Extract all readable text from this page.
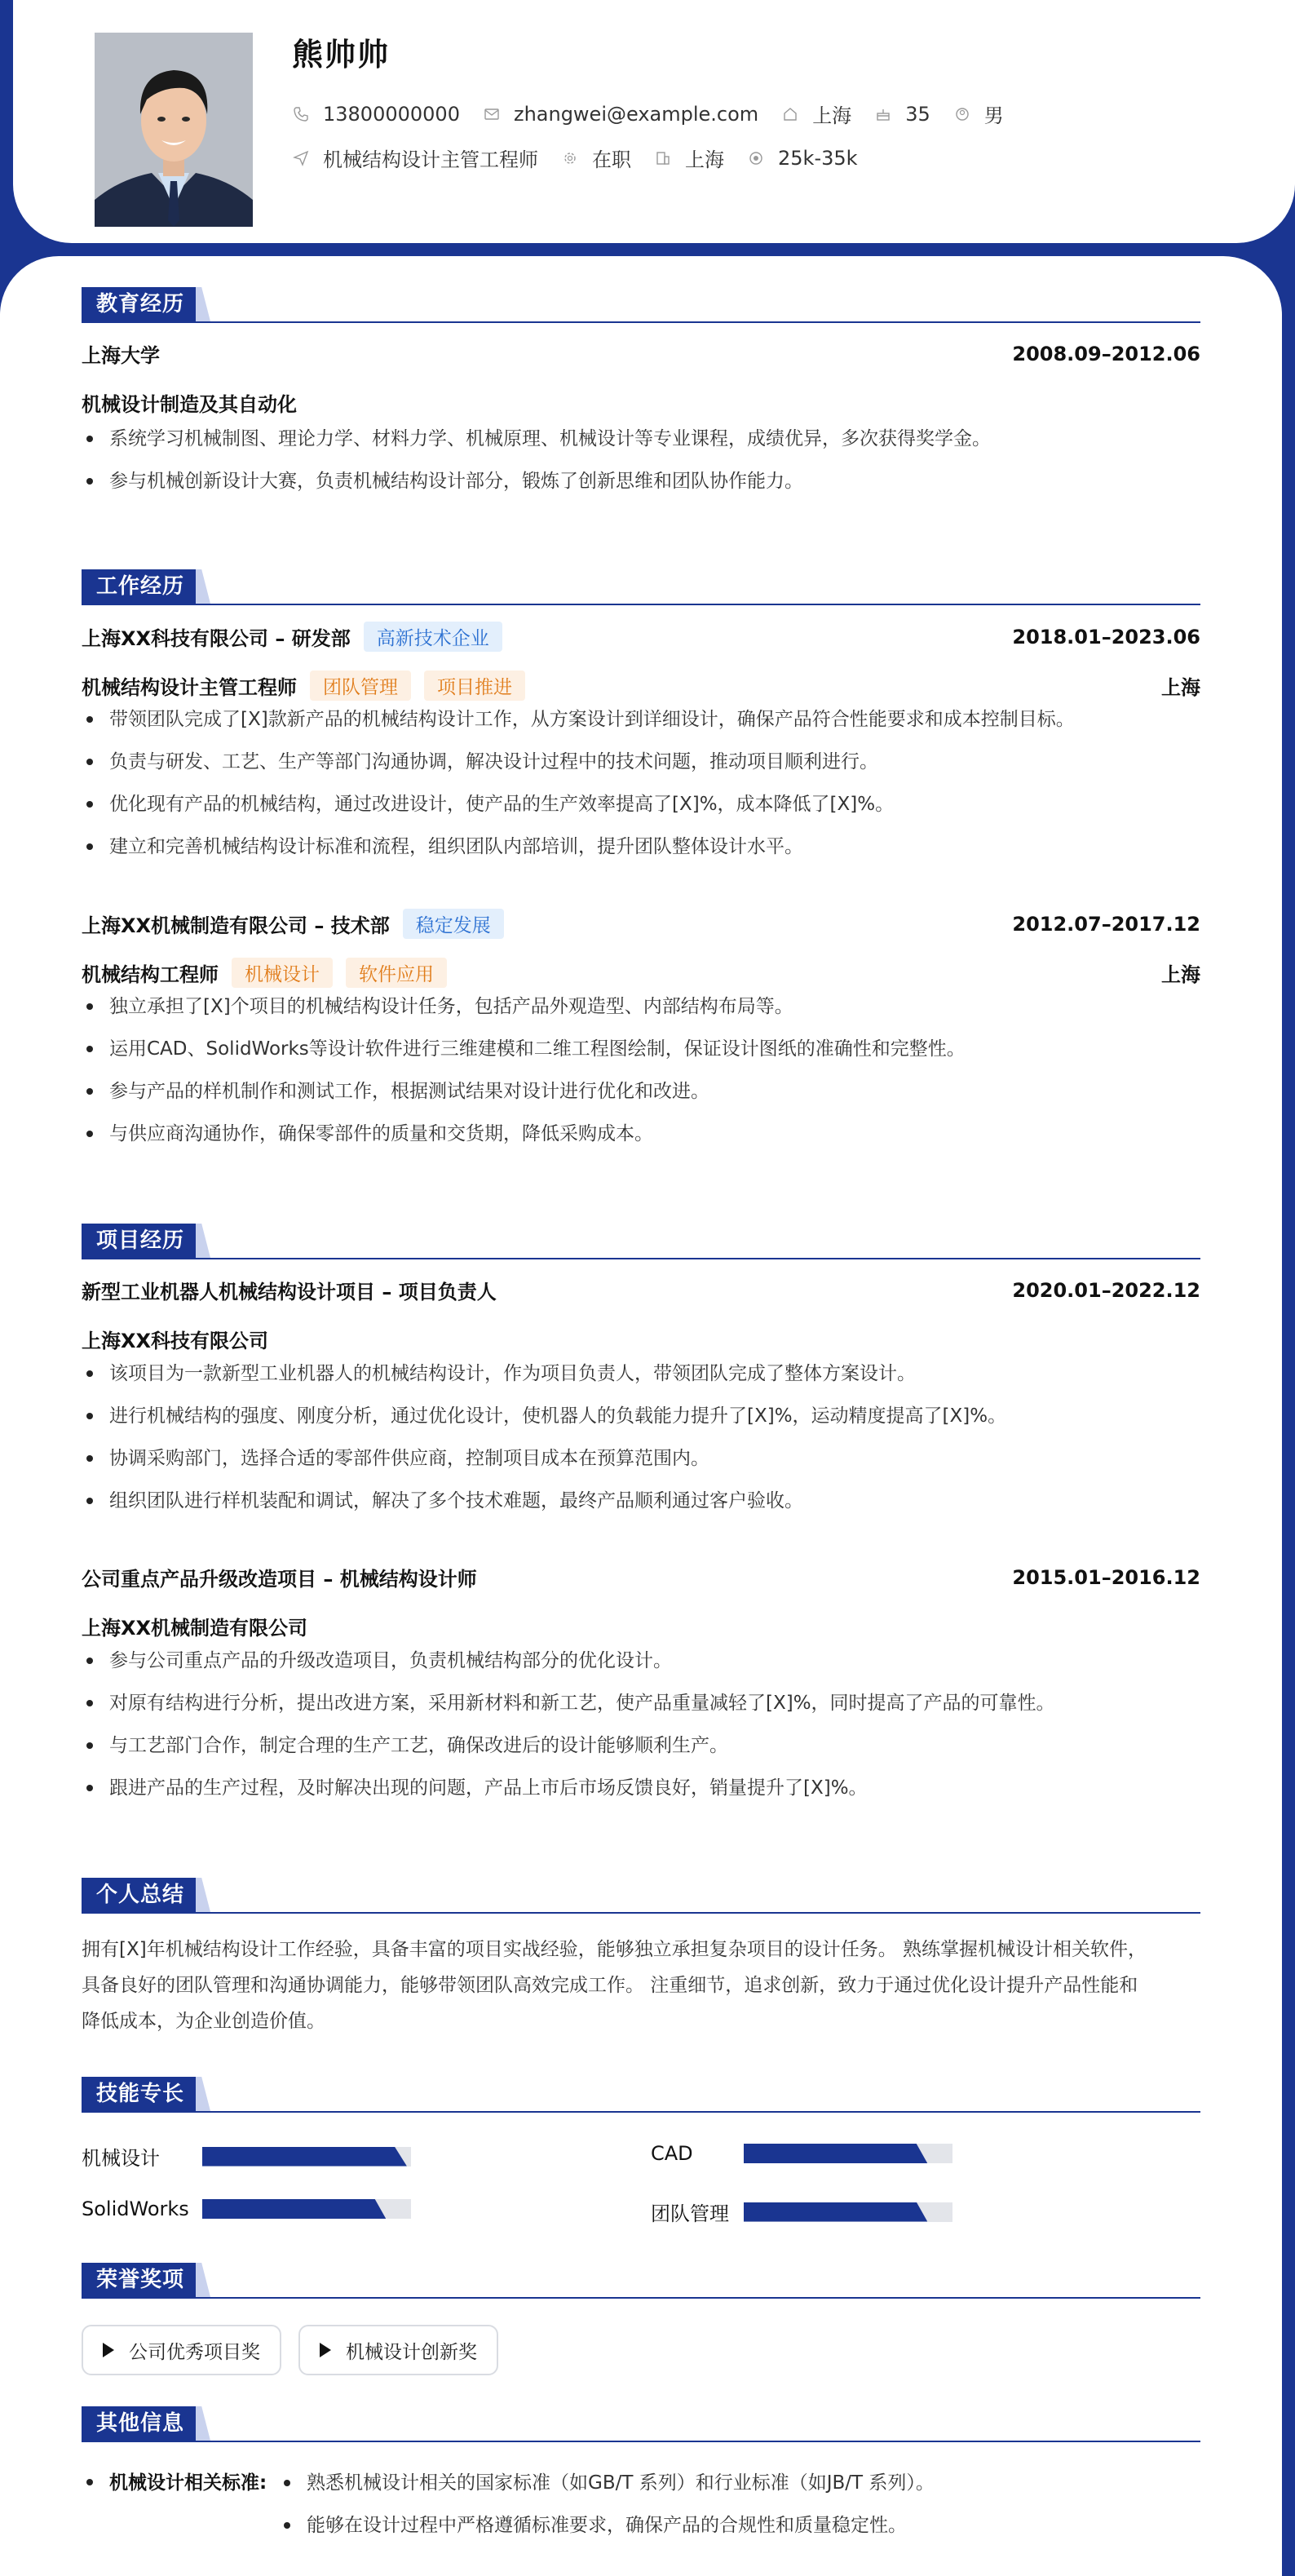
熊帅帅
13800000000	zhangwei@example.com	上海	35	男
机械结构设计主管工程师	在职	上海	25k-35k
教育经历
上海大学	2008.09–2012.06
机械设计制造及其自动化
系统学习机械制图、理论力学、材料力学、机械原理、机械设计等专业课程，成绩优异，多次获得奖学金。
参与机械创新设计大赛，负责机械结构设计部分，锻炼了创新思维和团队协作能力。
工作经历
上海XX科技有限公司 – 研发部	高新技术企业	2018.01–2023.06
机械结构设计主管工程师	团队管理	项目推进	上海
带领团队完成了[X]款新产品的机械结构设计工作，从方案设计到详细设计，确保产品符合性能要求和成本控制目标。
负责与研发、工艺、生产等部门沟通协调，解决设计过程中的技术问题，推动项目顺利进行。
优化现有产品的机械结构，通过改进设计，使产品的生产效率提高了[X]%，成本降低了[X]%。
建立和完善机械结构设计标准和流程，组织团队内部培训，提升团队整体设计水平。
上海XX机械制造有限公司 – 技术部	稳定发展	2012.07–2017.12
机械结构工程师	机械设计	软件应用	上海
独立承担了[X]个项目的机械结构设计任务，包括产品外观造型、内部结构布局等。
运用CAD、SolidWorks等设计软件进行三维建模和二维工程图绘制，保证设计图纸的准确性和完整性。
参与产品的样机制作和测试工作，根据测试结果对设计进行优化和改进。
与供应商沟通协作，确保零部件的质量和交货期，降低采购成本。
项目经历
新型工业机器人机械结构设计项目 – 项目负责人	2020.01–2022.12
上海XX科技有限公司
该项目为一款新型工业机器人的机械结构设计，作为项目负责人，带领团队完成了整体方案设计。
进行机械结构的强度、刚度分析，通过优化设计，使机器人的负载能力提升了[X]%，运动精度提高了[X]%。
协调采购部门，选择合适的零部件供应商，控制项目成本在预算范围内。
组织团队进行样机装配和调试，解决了多个技术难题，最终产品顺利通过客户验收。
公司重点产品升级改造项目 – 机械结构设计师	2015.01–2016.12
上海XX机械制造有限公司
参与公司重点产品的升级改造项目，负责机械结构部分的优化设计。
对原有结构进行分析，提出改进方案，采用新材料和新工艺，使产品重量减轻了[X]%，同时提高了产品的可靠性。
与工艺部门合作，制定合理的生产工艺，确保改进后的设计能够顺利生产。
跟进产品的生产过程，及时解决出现的问题，产品上市后市场反馈良好，销量提升了[X]%。
个人总结
拥有[X]年机械结构设计工作经验，具备丰富的项目实战经验，能够独立承担复杂项目的设计任务。 熟练掌握机械设计相关软件，
具备良好的团队管理和沟通协调能力，能够带领团队高效完成工作。 注重细节，追求创新，致力于通过优化设计提升产品性能和
降低成本，为企业创造价值。
技能专长
机械设计	CAD
SolidWorks	团队管理
荣誉奖项
公司优秀项目奖	机械设计创新奖
其他信息
机械设计相关标准:	熟悉机械设计相关的国家标准（如GB/T 系列）和行业标准（如JB/T 系列）。
能够在设计过程中严格遵循标准要求，确保产品的合规性和质量稳定性。
